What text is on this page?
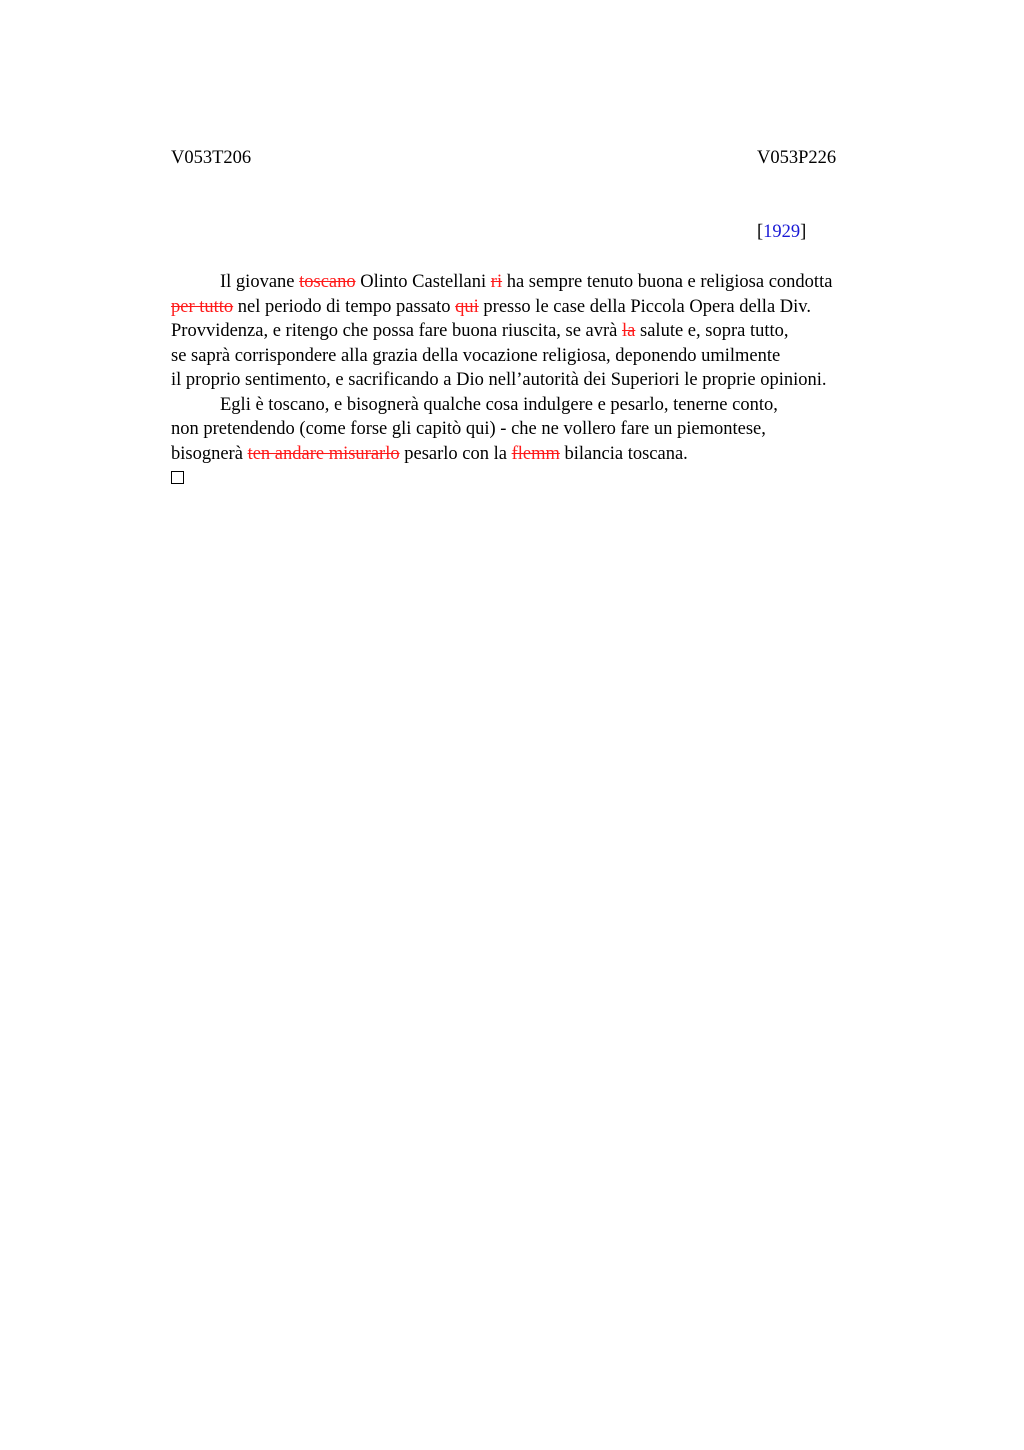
V053T206	V053P226
[1929]
Il giovane toscano Olinto Castellani ri ha sempre tenuto buona e religiosa condotta
per tutto nel periodo di tempo passato qui presso le case della Piccola Opera della Div.
Provvidenza, e ritengo che possa fare buona riuscita, se avrà la salute e, sopra tutto,
se saprà corrispondere alla grazia della vocazione religiosa, deponendo umilmente
il proprio sentimento, e sacrificando a Dio nell’autorità dei Superiori le proprie opinioni.
Egli è toscano, e bisognerà qualche cosa indulgere e pesarlo, tenerne conto,
non pretendendo (come forse gli capitò qui) - che ne vollero fare un piemontese,
bisognerà ten andare misurarlo pesarlo con la flemm bilancia toscana.
